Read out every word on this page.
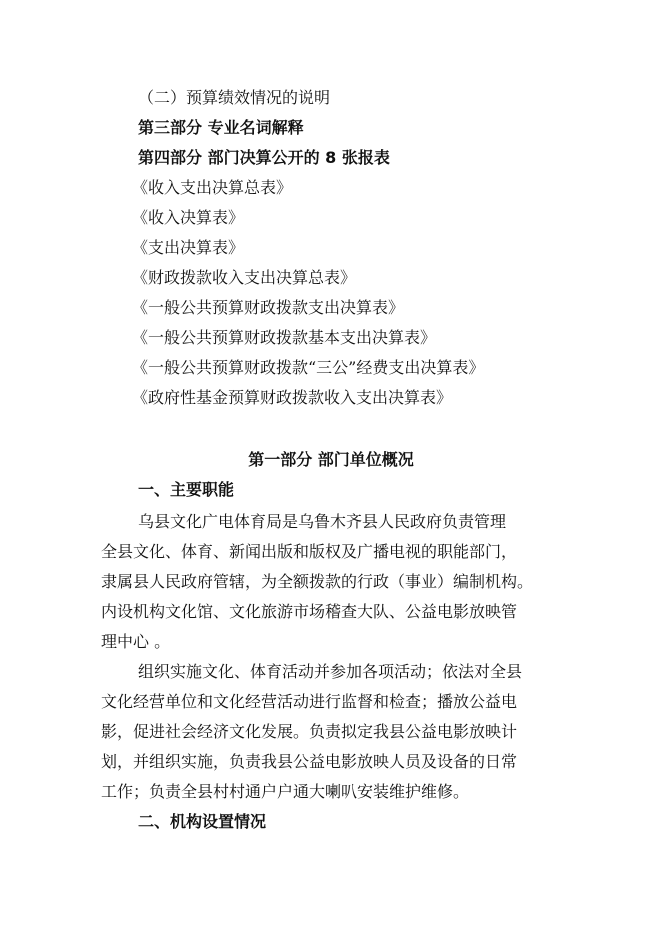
（二）预算绩效情况的说明
第三部分 专业名词解释
第四部分 部门决算公开的 8 张报表
《收入支出决算总表》
《收入决算表》
《支出决算表》
《财政拨款收入支出决算总表》
《一般公共预算财政拨款支出决算表》
《一般公共预算财政拨款基本支出决算表》
《一般公共预算财政拨款“三公”经费支出决算表》
《政府性基金预算财政拨款收入支出决算表》
第一部分 部门单位概况
一、主要职能
乌县文化广电体育局是乌鲁木齐县人民政府负责管理
全县文化、体育、新闻出版和版权及广播电视的职能部门，
隶属县人民政府管辖，为全额拨款的行政（事业）编制机构。
内设机构文化馆、文化旅游市场稽查大队、公益电影放映管
理中心 。
组织实施文化、体育活动并参加各项活动；依法对全县
文化经营单位和文化经营活动进行监督和检查；播放公益电
影，促进社会经济文化发展。负责拟定我县公益电影放映计
划，并组织实施，负责我县公益电影放映人员及设备的日常
工作；负责全县村村通户户通大喇叭安装维护维修。
二、机构设置情况
